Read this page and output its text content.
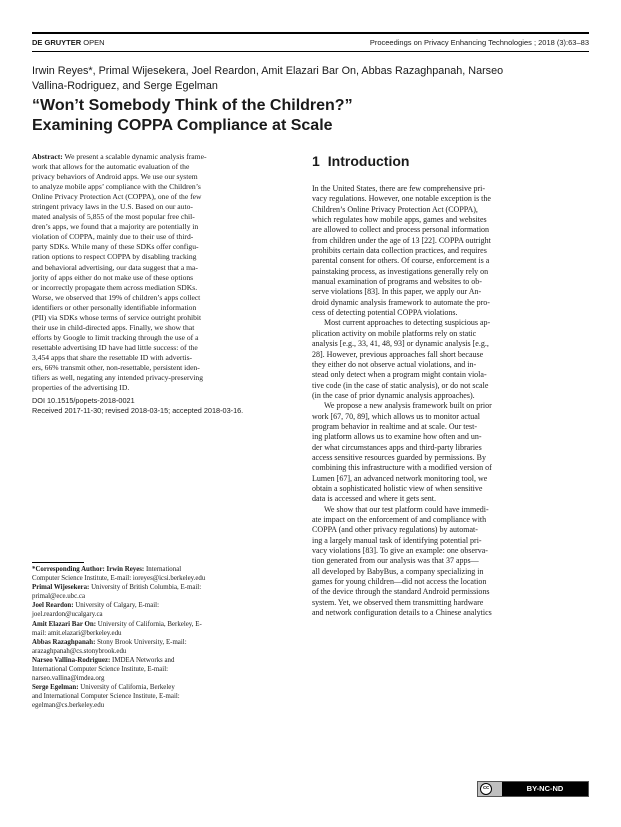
DE GRUYTER OPEN	Proceedings on Privacy Enhancing Technologies ; 2018 (3):63–83
Irwin Reyes*, Primal Wijesekera, Joel Reardon, Amit Elazari Bar On, Abbas Razaghpanah, Narseo
Vallina-Rodriguez, and Serge Egelman
“Won’t Somebody Think of the Children?”
Examining COPPA Compliance at Scale
Abstract: We present a scalable dynamic analysis frame-
work that allows for the automatic evaluation of the
privacy behaviors of Android apps. We use our system
to analyze mobile apps’ compliance with the Children’s
Online Privacy Protection Act (COPPA), one of the few
stringent privacy laws in the U.S. Based on our auto-
mated analysis of 5,855 of the most popular free chil-
dren’s apps, we found that a majority are potentially in
violation of COPPA, mainly due to their use of third-
party SDKs. While many of these SDKs offer configu-
ration options to respect COPPA by disabling tracking
and behavioral advertising, our data suggest that a ma-
jority of apps either do not make use of these options
or incorrectly propagate them across mediation SDKs.
Worse, we observed that 19% of children’s apps collect
identifiers or other personally identifiable information
(PII) via SDKs whose terms of service outright prohibit
their use in child-directed apps. Finally, we show that
efforts by Google to limit tracking through the use of a
resettable advertising ID have had little success: of the
3,454 apps that share the resettable ID with advertis-
ers, 66% transmit other, non-resettable, persistent iden-
tifiers as well, negating any intended privacy-preserving
properties of the advertising ID.
DOI 10.1515/popets-2018-0021
Received 2017-11-30; revised 2018-03-15; accepted 2018-03-16.
*Corresponding Author: Irwin Reyes: International
Computer Science Institute, E-mail: ioreyes@icsi.berkeley.edu
Primal Wijesekera: University of British Columbia, E-mail:
primal@ece.ubc.ca
Joel Reardon: University of Calgary, E-mail:
joel.reardon@ucalgary.ca
Amit Elazari Bar On: University of California, Berkeley, E-
mail: amit.elazari@berkeley.edu
Abbas Razaghpanah: Stony Brook University, E-mail:
arazaghpanah@cs.stonybrook.edu
Narseo Vallina-Rodriguez: IMDEA Networks and
International Computer Science Institute, E-mail:
narseo.vallina@imdea.org
Serge Egelman: University of California, Berkeley
and International Computer Science Institute, E-mail:
egelman@cs.berkeley.edu
1 Introduction
In the United States, there are few comprehensive pri-
vacy regulations. However, one notable exception is the
Children’s Online Privacy Protection Act (COPPA),
which regulates how mobile apps, games and websites
are allowed to collect and process personal information
from children under the age of 13 [22]. COPPA outright
prohibits certain data collection practices, and requires
parental consent for others. Of course, enforcement is a
painstaking process, as investigations generally rely on
manual examination of programs and websites to ob-
serve violations [83]. In this paper, we apply our An-
droid dynamic analysis framework to automate the pro-
cess of detecting potential COPPA violations.
Most current approaches to detecting suspicious ap-
plication activity on mobile platforms rely on static
analysis [e.g., 33, 41, 48, 93] or dynamic analysis [e.g.,
28]. However, previous approaches fall short because
they either do not observe actual violations, and in-
stead only detect when a program might contain viola-
tive code (in the case of static analysis), or do not scale
(in the case of prior dynamic analysis approaches).
We propose a new analysis framework built on prior
work [67, 70, 89], which allows us to monitor actual
program behavior in realtime and at scale. Our test-
ing platform allows us to examine how often and un-
der what circumstances apps and third-party libraries
access sensitive resources guarded by permissions. By
combining this infrastructure with a modified version of
Lumen [67], an advanced network monitoring tool, we
obtain a sophisticated holistic view of when sensitive
data is accessed and where it gets sent.
We show that our test platform could have immedi-
ate impact on the enforcement of and compliance with
COPPA (and other privacy regulations) by automat-
ing a largely manual task of identifying potential pri-
vacy violations [83]. To give an example: one observa-
tion generated from our analysis was that 37 apps—
all developed by BabyBus, a company specializing in
games for young children—did not access the location
of the device through the standard Android permissions
system. Yet, we observed them transmitting hardware
and network configuration details to a Chinese analytics
cc	BY-NC-ND
